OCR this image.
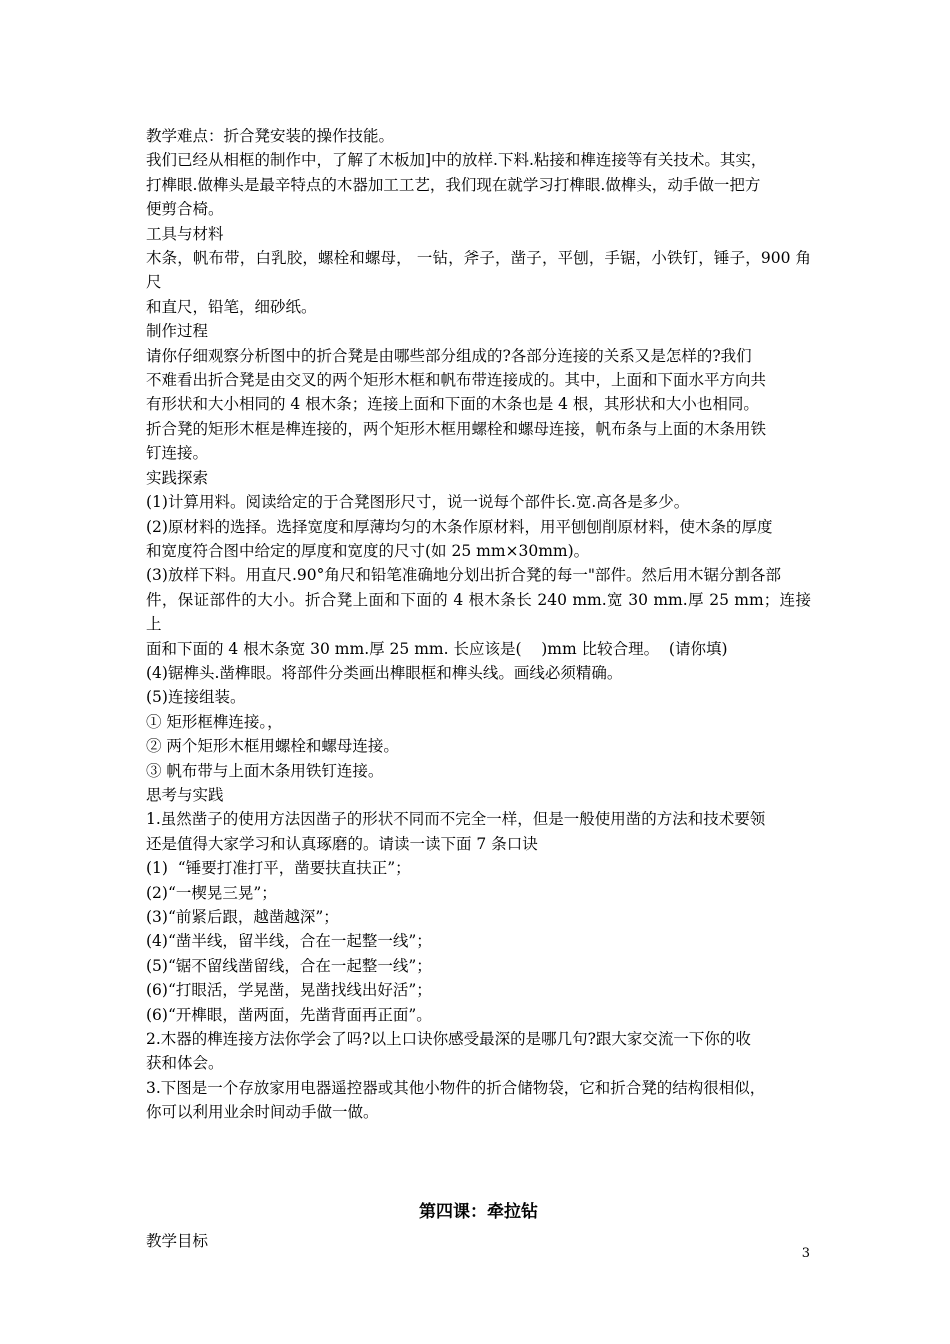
教学难点：折合凳安装的操作技能。
我们已经从相框的制作中，了解了木板加]中的放样.下料.粘接和榫连接等有关技术。其实，
打榫眼.做榫头是最辛特点的木器加工工艺，我们现在就学习打榫眼.做榫头，动手做一把方
便剪合椅。
工具与材料
木条，帆布带，白乳胶，螺栓和螺母， 一钻，斧子，凿子，平刨，手锯，小铁钉，锤子，900 角尺
和直尺，铅笔，细砂纸。
制作过程
请你仔细观察分析图中的折合凳是由哪些部分组成的?各部分连接的关系又是怎样的?我们
不难看出折合凳是由交叉的两个矩形木框和帆布带连接成的。其中，上面和下面水平方向共
有形状和大小相同的 4 根木条；连接上面和下面的木条也是 4 根，其形状和大小也相同。
折合凳的矩形木框是榫连接的，两个矩形木框用螺栓和螺母连接，帆布条与上面的木条用铁
钉连接。
实践探索
(1)计算用料。阅读给定的于合凳图形尺寸，说一说每个部件长.宽.高各是多少。
(2)原材料的选择。选择宽度和厚薄均匀的木条作原材料，用平刨刨削原材料，使木条的厚度
和宽度符合图中给定的厚度和宽度的尺寸(如 25 mm×30mm)。
(3)放样下料。用直尺.90°角尺和铅笔准确地分划出折合凳的每一"部件。然后用木锯分割各部
件，保证部件的大小。折合凳上面和下面的 4 根木条长 240 mm.宽 30 mm.厚 25 mm；连接上
面和下面的 4 根木条宽 30 mm.厚 25 mm. 长应该是(    )mm 比较合理。  (请你填)
(4)锯榫头.凿榫眼。将部件分类画出榫眼框和榫头线。画线必须精确。
(5)连接组装。
① 矩形框榫连接。，
② 两个矩形木框用螺栓和螺母连接。
③ 帆布带与上面木条用铁钉连接。
思考与实践
1.虽然凿子的使用方法因凿子的形状不同而不完全一样，但是一般使用凿的方法和技术要领
还是值得大家学习和认真琢磨的。请读一读下面 7 条口诀
(1)  “锤要打准打平，凿要扶直扶正”；
(2)“一楔晃三晃”；
(3)“前紧后跟，越凿越深”；
(4)“凿半线，留半线，合在一起整一线”；
(5)“锯不留线凿留线，合在一起整一线”；
(6)“打眼活，学晃凿，晃凿找线出好活”；
(6)“开榫眼，凿两面，先凿背面再正面”。
2.木器的榫连接方法你学会了吗?以上口诀你感受最深的是哪几句?跟大家交流一下你的收
获和体会。
3.下图是一个存放家用电器遥控器或其他小物件的折合储物袋，它和折合凳的结构很相似，
你可以利用业余时间动手做一做。
第四课：牵拉钻
教学目标
3
